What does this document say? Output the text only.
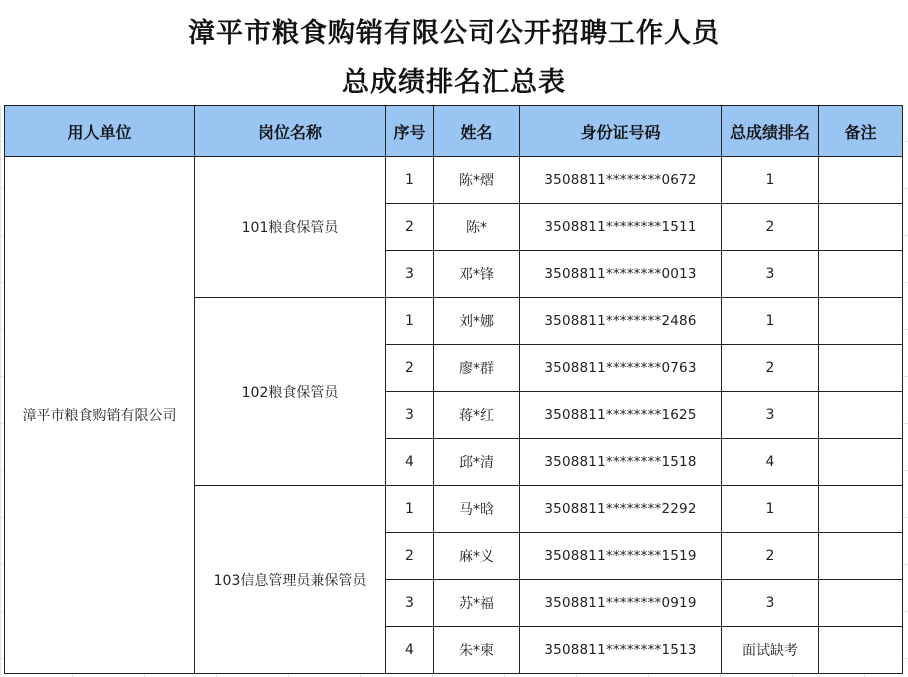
漳平市粮食购销有限公司公开招聘工作人员
总成绩排名汇总表
用人单位	岗位名称	序号	姓名	身份证号码	总成绩排名	备注
漳平市粮食购销有限公司	101粮食保管员	1	陈*熠	3508811********0672	1	
		2	陈*	3508811********1511	2	
		3	邓*锋	3508811********0013	3	
	102粮食保管员	1	刘*娜	3508811********2486	1	
		2	廖*群	3508811********0763	2	
		3	蒋*红	3508811********1625	3	
		4	邱*清	3508811********1518	4	
	103信息管理员兼保管员	1	马*晗	3508811********2292	1	
		2	麻*义	3508811********1519	2	
		3	苏*福	3508811********0919	3	
		4	朱*柬	3508811********1513	面试缺考	
